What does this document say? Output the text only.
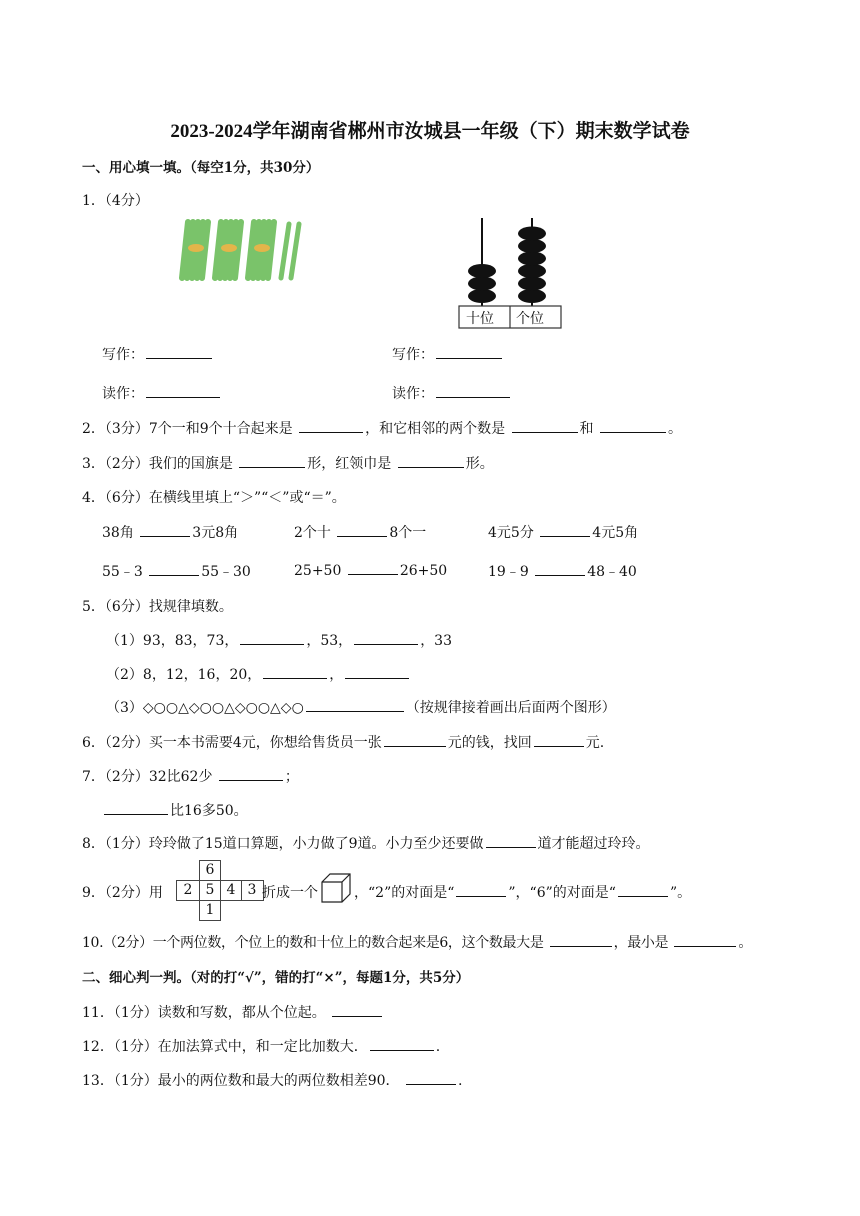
2023-2024学年湖南省郴州市汝城县一年级（下）期末数学试卷
一、用心填一填。（每空1分，共30分）
1．（4分）
十位 个位
写作：
读作：
写作：
读作：
2．（3分）7个一和9个十合起来是	，和它相邻的两个数是	和	。
3．（2分）我们的国旗是	形，红领巾是	形。
4．（6分）在横线里填上“＞”“＜”或“＝”。
38角	3元8角	2个十	8个一	4元5分	4元5角
55﹣3	55﹣30	25+50	26+50	19﹣9	48﹣40
5．（6分）找规律填数。
（1）93，83，73，	，53，	，33
（2）8，12，16，20，	，
（3）◇○○△◇○○△◇○○△◇○	（按规律接着画出后面两个图形）
6．（2分）买一本书需要4元，你想给售货员一张	元的钱，找回	元.
7．（2分）32比62少	；
比16多50。
8．（1分）玲玲做了15道口算题，小力做了9道。小力至少还要做	道才能超过玲玲。
9．（2分）用
6
2 5 4 3
1
折成一个	，“2”的对面是“	”，“6”的对面是“	”。
10.（2分）一个两位数，个位上的数和十位上的数合起来是6，这个数最大是	，最小是	。
二、细心判一判。（对的打“√”，错的打“×”，每题1分，共5分）
11．（1分）读数和写数，都从个位起。
12．（1分）在加法算式中，和一定比加数大．	.
13．（1分）最小的两位数和最大的两位数相差90．	.
